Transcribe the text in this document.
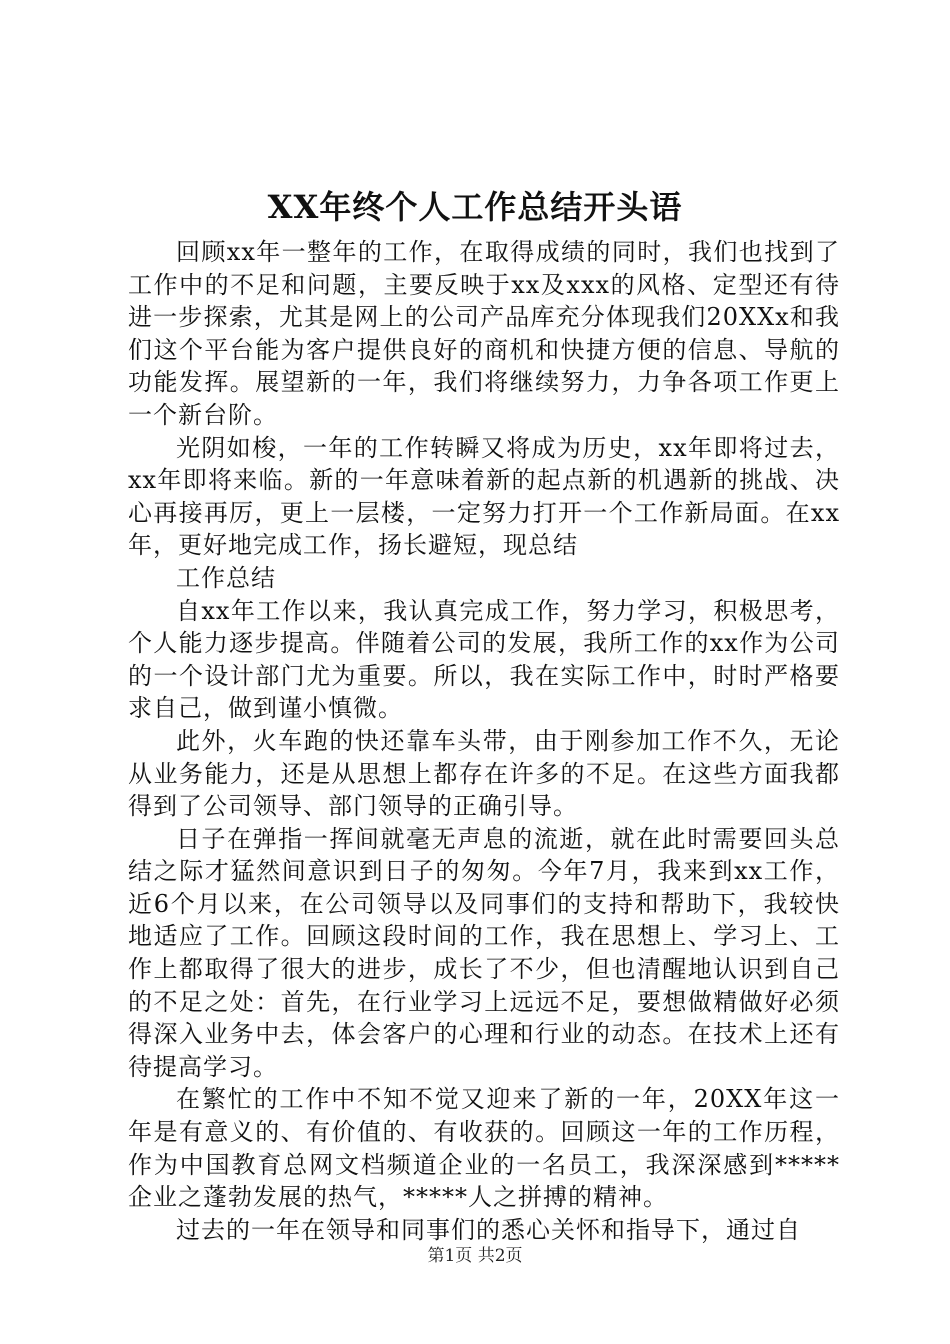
XX年终个人工作总结开头语

回顾xx年一整年的工作，在取得成绩的同时，我们也找到了工作中的不足和问题，主要反映于xx及xxx的风格、定型还有待进一步探索，尤其是网上的公司产品库充分体现我们20XXx和我们这个平台能为客户提供良好的商机和快捷方便的信息、导航的功能发挥。展望新的一年，我们将继续努力，力争各项工作更上一个新台阶。

光阴如梭，一年的工作转瞬又将成为历史，xx年即将过去，xx年即将来临。新的一年意味着新的起点新的机遇新的挑战、决心再接再厉，更上一层楼，一定努力打开一个工作新局面。在xx年，更好地完成工作，扬长避短，现总结

工作总结

自xx年工作以来，我认真完成工作，努力学习，积极思考，个人能力逐步提高。伴随着公司的发展，我所工作的xx作为公司的一个设计部门尤为重要。所以，我在实际工作中，时时严格要求自己，做到谨小慎微。

此外，火车跑的快还靠车头带，由于刚参加工作不久，无论从业务能力，还是从思想上都存在许多的不足。在这些方面我都得到了公司领导、部门领导的正确引导。

日子在弹指一挥间就毫无声息的流逝，就在此时需要回头总结之际才猛然间意识到日子的匆匆。今年7月，我来到xx工作，近6个月以来，在公司领导以及同事们的支持和帮助下，我较快地适应了工作。回顾这段时间的工作，我在思想上、学习上、工作上都取得了很大的进步，成长了不少，但也清醒地认识到自己的不足之处：首先，在行业学习上远远不足，要想做精做好必须得深入业务中去，体会客户的心理和行业的动态。在技术上还有待提高学习。

在繁忙的工作中不知不觉又迎来了新的一年，20XX年这一年是有意义的、有价值的、有收获的。回顾这一年的工作历程，作为中国教育总网文档频道企业的一名员工，我深深感到*****企业之蓬勃发展的热气，*****人之拼搏的精神。

过去的一年在领导和同事们的悉心关怀和指导下，通过自

第1页 共2页
